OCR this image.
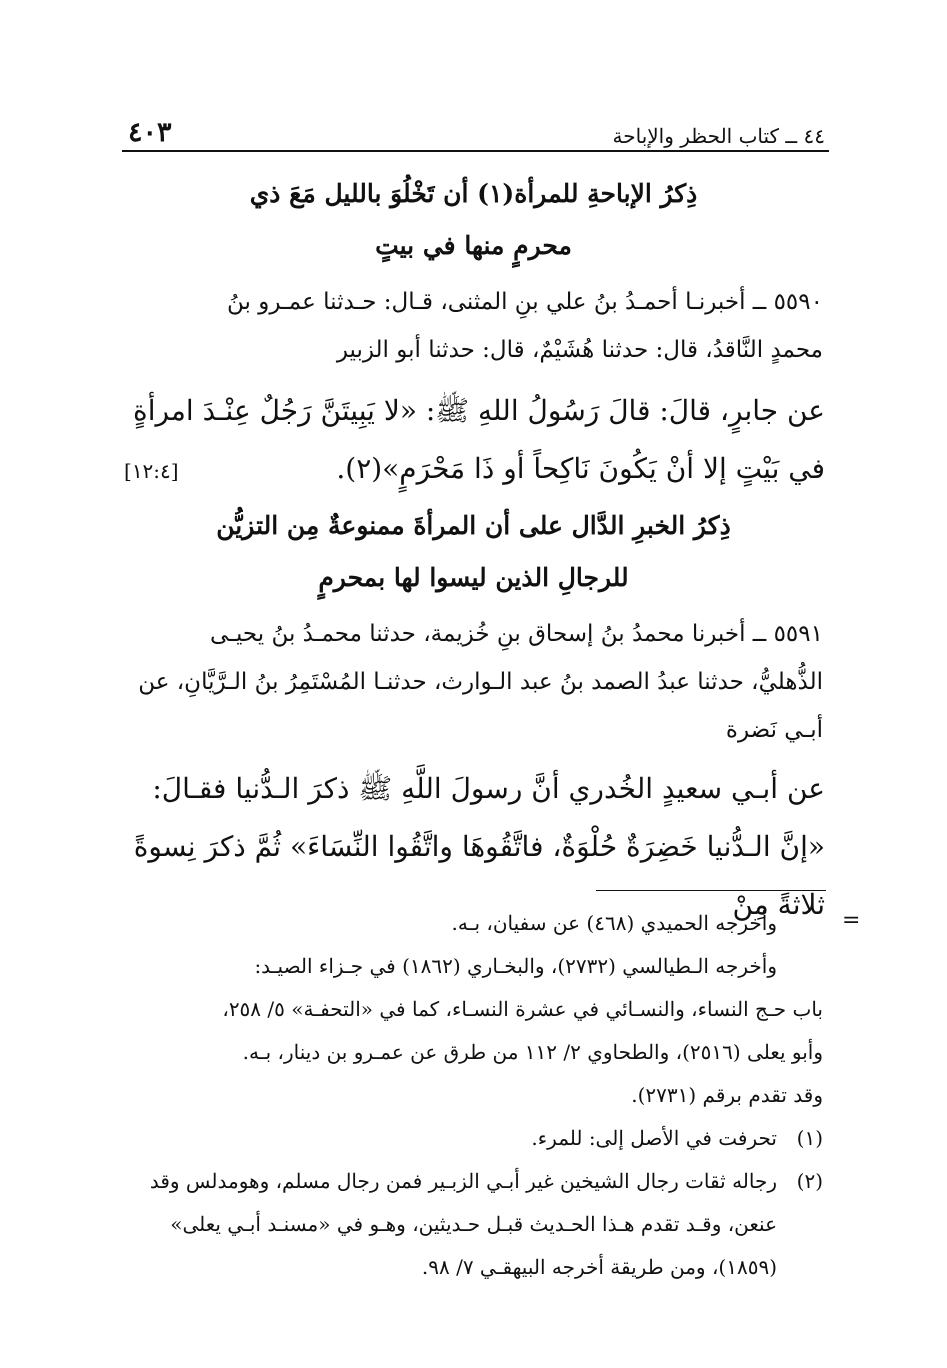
٤٠٣	٤٤ ــ كتاب الحظر والإباحة
ذِكرُ الإباحةِ للمرأة(١) أن تَخْلُوَ بالليل مَعَ ذي
محرمٍ منها في بيتٍ
٥٥٩٠ ــ أخبرنـا أحمـدُ بنُ علي بنِ المثنى، قـال: حـدثنا عمـرو بنُ
محمدٍ النَّاقدُ، قال: حدثنا هُشَيْمٌ، قال: حدثنا أبو الزبير
عن جابرٍ، قالَ: قالَ رَسُولُ اللهِ ﷺ: «لا يَبِيتَنَّ رَجُلٌ عِنْـدَ امرأةٍ
في بَيْتٍ إلا أنْ يَكُونَ نَاكِحاً أو ذَا مَحْرَمٍ»(٢).
[١٢:٤]
ذِكرُ الخبرِ الدَّال على أن المرأةَ ممنوعةٌ مِن التزيُّن
للرجالِ الذين ليسوا لها بمحرمٍ
٥٥٩١ ــ أخبرنا محمدُ بنُ إسحاق بنِ خُزيمة، حدثنا محمـدُ بنُ يحيـى
الذُّهليُّ، حدثنا عبدُ الصمد بنُ عبد الـوارث، حدثنـا المُسْتَمِرُ بنُ الـرَّيَّانِ، عن
أبـي نَضرة
عن أبـي سعيدٍ الخُدري أنَّ رسولَ اللَّهِ ﷺ ذكرَ الـدُّنيا فقـالَ:
«إنَّ الـدُّنيا خَضِرَةٌ حُلْوَةٌ، فاتَّقُوهَا واتَّقُوا النِّسَاءَ» ثُمَّ ذكرَ نِسوةً ثلاثةً مِنْ =
وأخرجه الحميدي (٤٦٨) عن سفيان، بـه.
وأخرجه الـطيالسي (٢٧٣٢)، والبخـاري (١٨٦٢) في جـزاء الصيـد:
باب حـج النساء، والنسـائي في عشرة النسـاء، كما في «التحفـة» ٥/ ٢٥٨،
وأبو يعلى (٢٥١٦)، والطحاوي ٢/ ١١٢ من طرق عن عمـرو بن دينار، بـه.
وقد تقدم برقم (٢٧٣١).
(١)تحرفت في الأصل إلى: للمرء.
(٢)رجاله ثقات رجال الشيخين غير أبـي الزبـير فمن رجال مسلم، وهومدلس وقد
عنعن، وقـد تقدم هـذا الحـديث قبـل حـديثين، وهـو في «مسنـد أبـي يعلى»
(١٨٥٩)، ومن طريقة أخرجه البيهقـي ٧/ ٩٨.
